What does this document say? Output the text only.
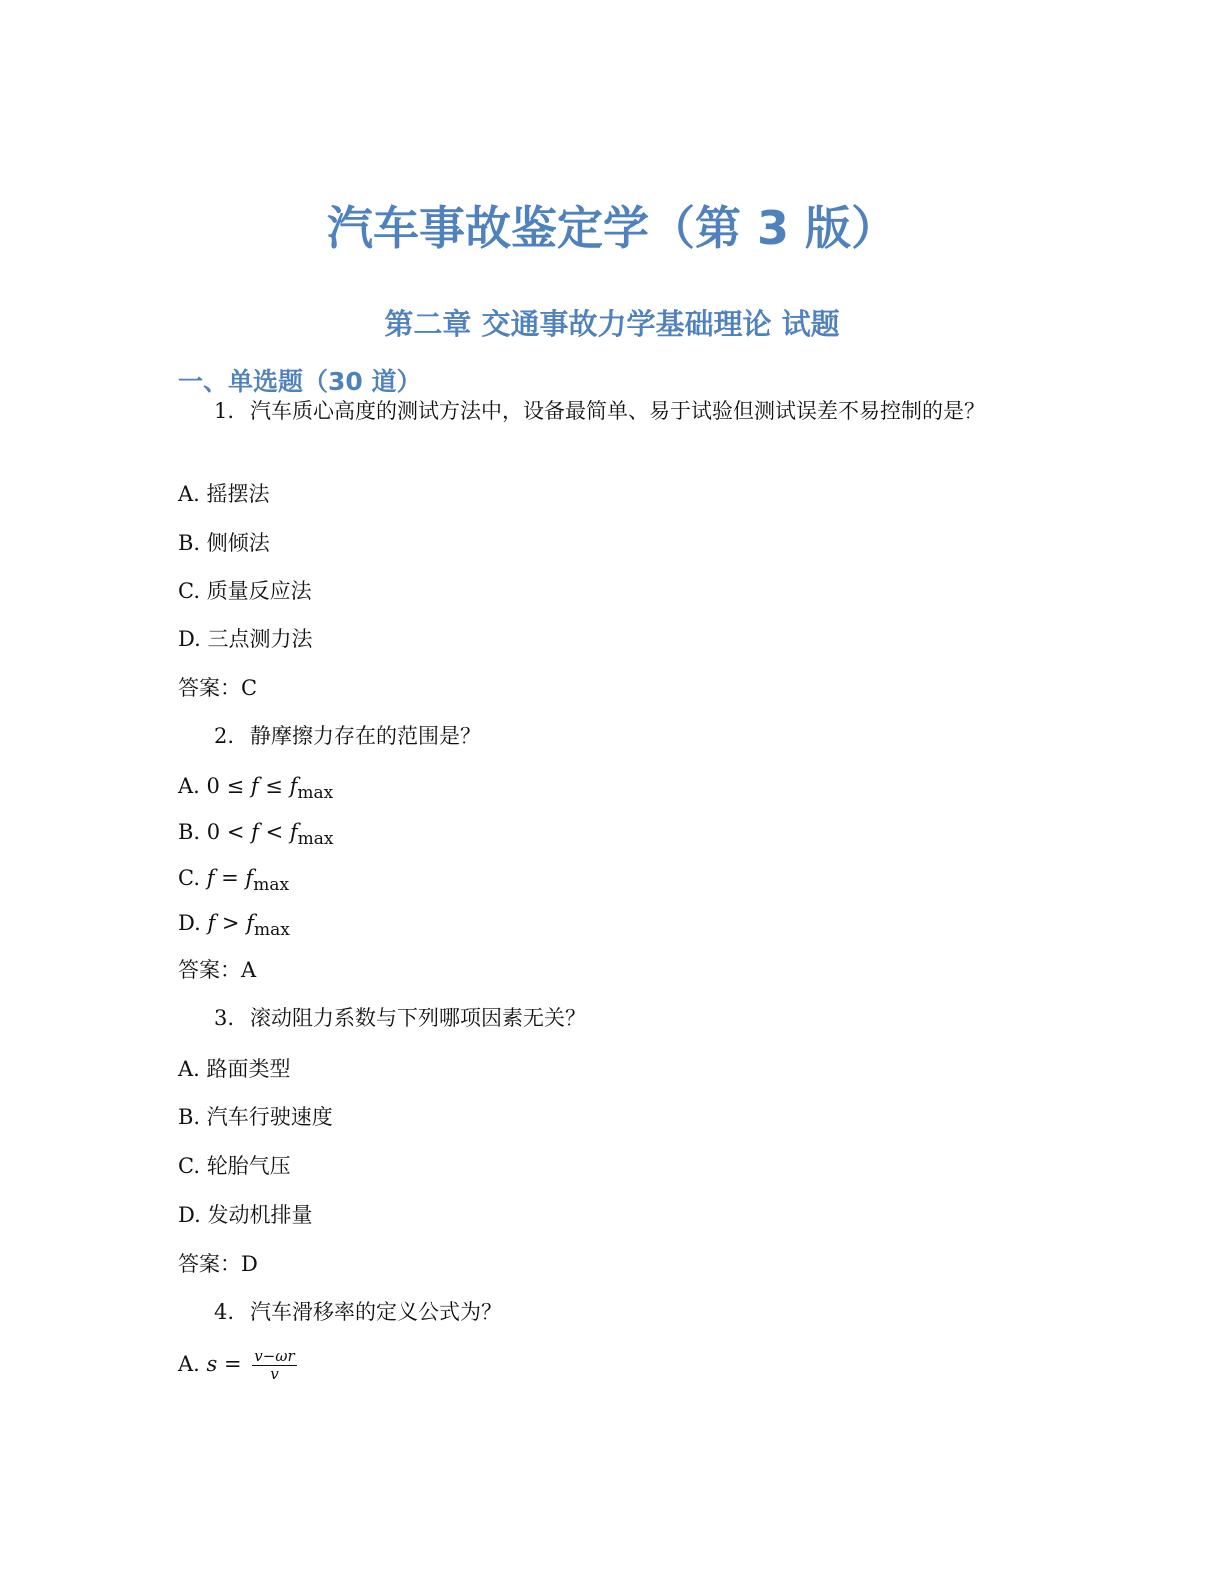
汽车事故鉴定学（第 3 版）
第二章 交通事故力学基础理论 试题
一、单选题（30 道）
1. 汽车质心高度的测试方法中，设备最简单、易于试验但测试误差不易控制的是？
A. 摇摆法
B. 侧倾法
C. 质量反应法
D. 三点测力法
答案：C
2. 静摩擦力存在的范围是？
A. $0 \le f \le f_{max}$
B. $0 < f < f_{max}$
C. $f = f_{max}$
D. $f > f_{max}$
答案：A
3. 滚动阻力系数与下列哪项因素无关？
A. 路面类型
B. 汽车行驶速度
C. 轮胎气压
D. 发动机排量
答案：D
4. 汽车滑移率的定义公式为？
A. $s = \frac{v-\omega r}{v}$
